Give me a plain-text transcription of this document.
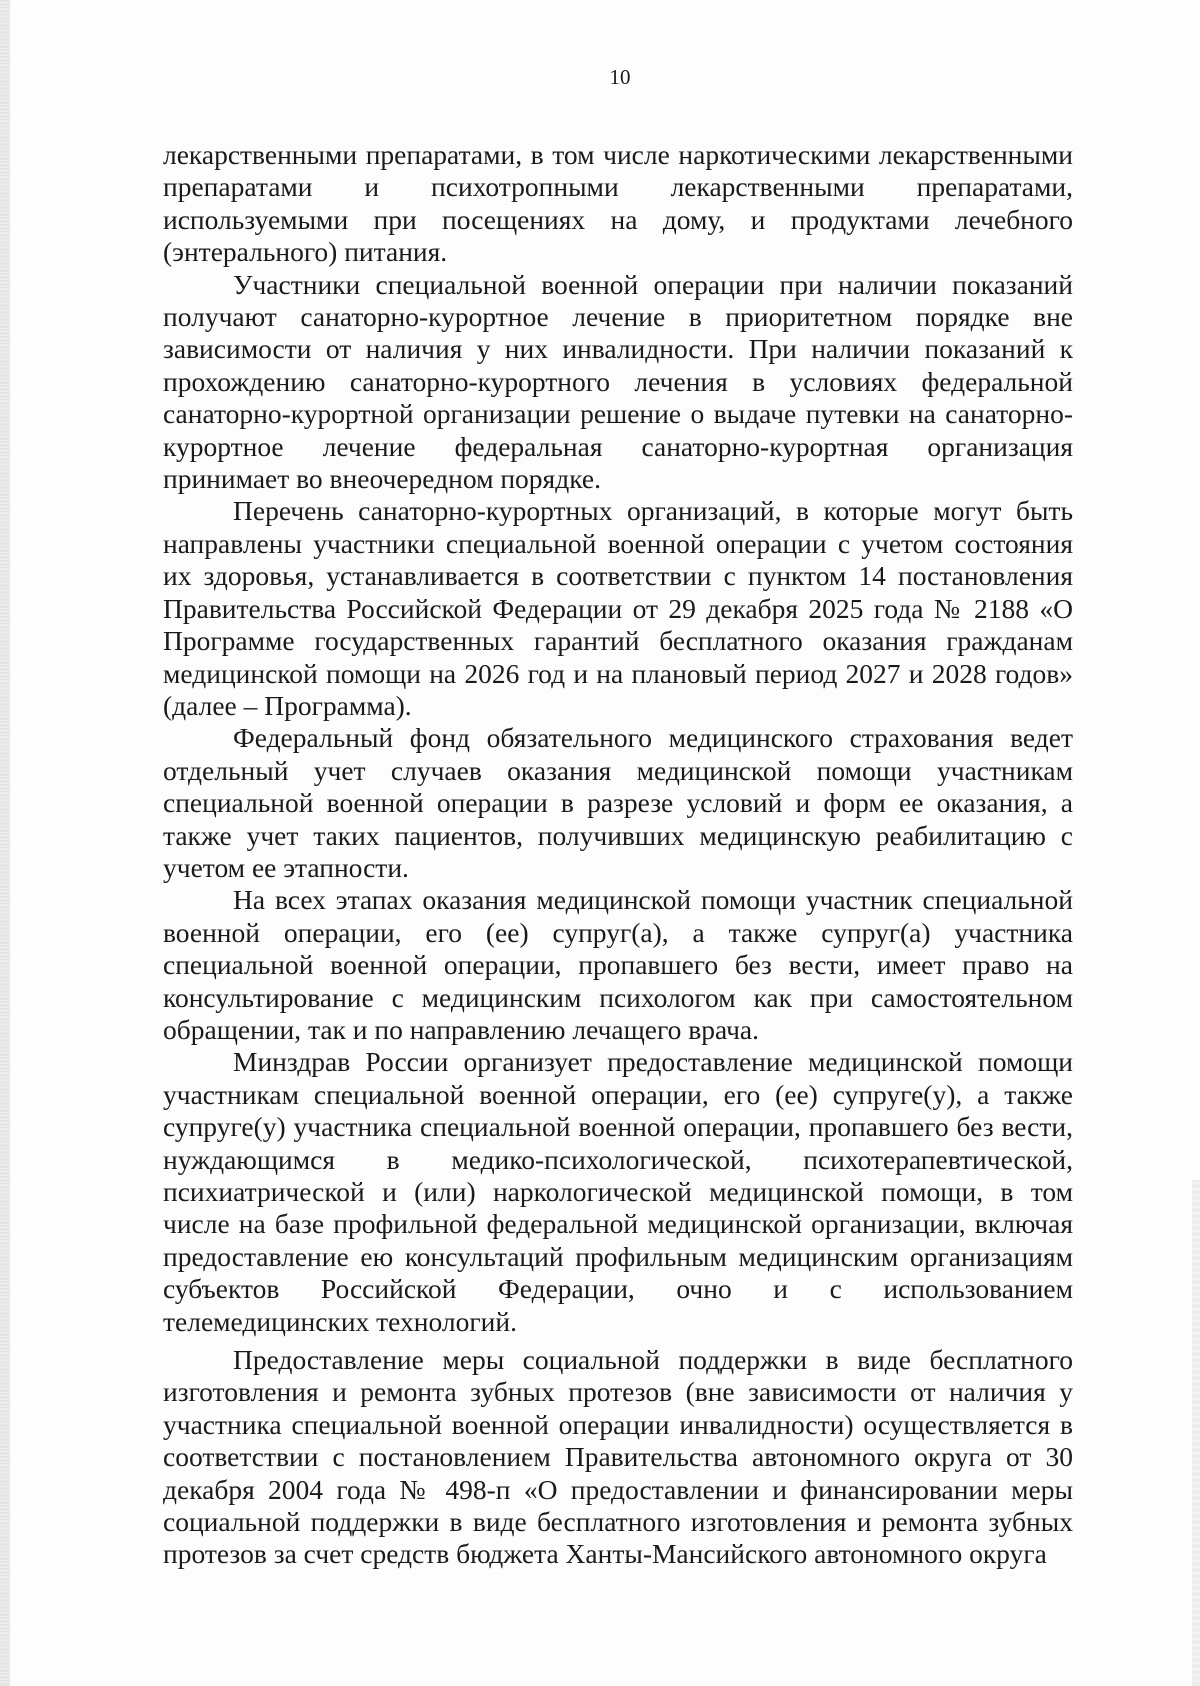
10

лекарственными препаратами, в том числе наркотическими лекарственными препаратами и психотропными лекарственными препаратами, используемыми при посещениях на дому, и продуктами лечебного (энтерального) питания.

Участники специальной военной операции при наличии показаний получают санаторно-курортное лечение в приоритетном порядке вне зависимости от наличия у них инвалидности. При наличии показаний к прохождению санаторно-курортного лечения в условиях федеральной санаторно-курортной организации решение о выдаче путевки на санаторно-курортное лечение федеральная санаторно-курортная организация принимает во внеочередном порядке.

Перечень санаторно-курортных организаций, в которые могут быть направлены участники специальной военной операции с учетом состояния их здоровья, устанавливается в соответствии с пунктом 14 постановления Правительства Российской Федерации от 29 декабря 2025 года № 2188 «О Программе государственных гарантий бесплатного оказания гражданам медицинской помощи на 2026 год и на плановый период 2027 и 2028 годов» (далее – Программа).

Федеральный фонд обязательного медицинского страхования ведет отдельный учет случаев оказания медицинской помощи участникам специальной военной операции в разрезе условий и форм ее оказания, а также учет таких пациентов, получивших медицинскую реабилитацию с учетом ее этапности.

На всех этапах оказания медицинской помощи участник специальной военной операции, его (ее) супруг(а), а также супруг(а) участника специальной военной операции, пропавшего без вести, имеет право на консультирование с медицинским психологом как при самостоятельном обращении, так и по направлению лечащего врача.

Минздрав России организует предоставление медицинской помощи участникам специальной военной операции, его (ее) супруге(у), а также супруге(у) участника специальной военной операции, пропавшего без вести, нуждающимся в медико-психологической, психотерапевтической, психиатрической и (или) наркологической медицинской помощи, в том числе на базе профильной федеральной медицинской организации, включая предоставление ею консультаций профильным медицинским организациям субъектов Российской Федерации, очно и с использованием телемедицинских технологий.

Предоставление меры социальной поддержки в виде бесплатного изготовления и ремонта зубных протезов (вне зависимости от наличия у участника специальной военной операции инвалидности) осуществляется в соответствии с постановлением Правительства автономного округа от 30 декабря 2004 года № 498-п «О предоставлении и финансировании меры социальной поддержки в виде бесплатного изготовления и ремонта зубных протезов за счет средств бюджета Ханты-Мансийского автономного округа
